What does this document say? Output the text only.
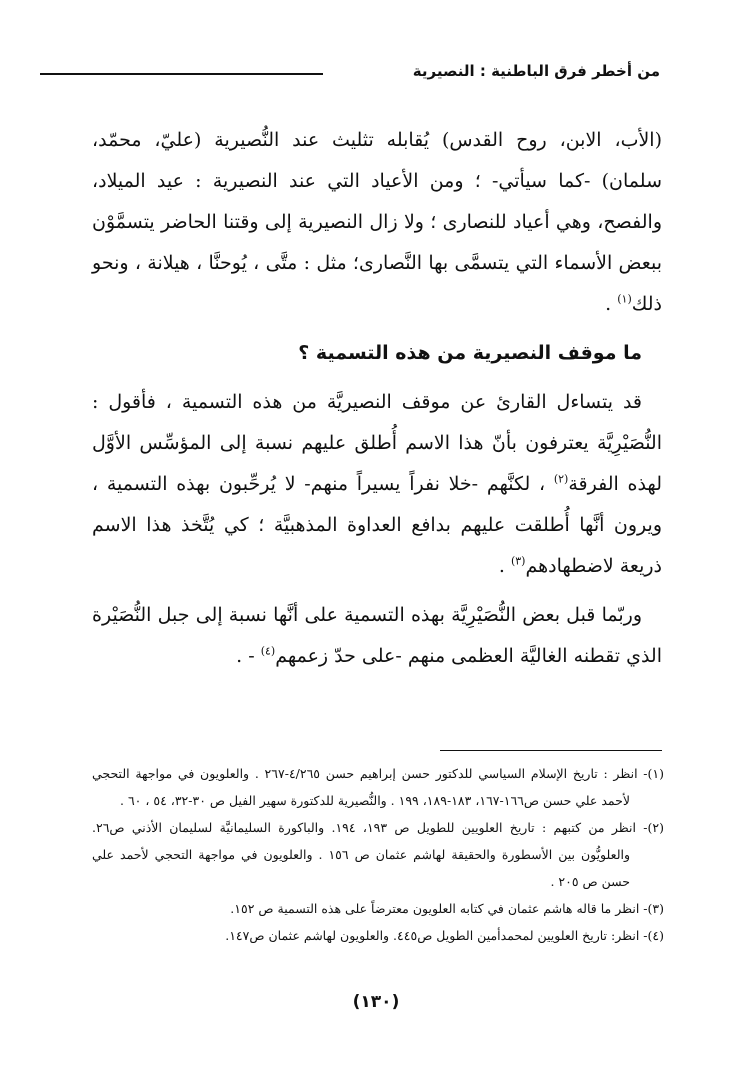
من أخطر فرق الباطنية : النصيرية

(الأب، الابن، روح القدس) يُقابله تثليث عند النُّصيرية (عليّ، محمّد، سلمان) -كما سيأتي- ؛ ومن الأعياد التي عند النصيرية : عيد الميلاد، والفصح، وهي أعياد للنصارى ؛ ولا زال النصيرية إلى وقتنا الحاضر يتسمَّوْن ببعض الأسماء التي يتسمَّى بها النَّصارى؛ مثل : متَّى ، يُوحنَّا ، هيلانة ، ونحو ذلك$^{(١)}$ .

ما موقف النصيرية من هذه التسمية ؟

قد يتساءل القارئ عن موقف النصيريَّة من هذه التسمية ، فأقول : النُّصَيْرِيَّة يعترفون بأنّ هذا الاسم أُطلق عليهم نسبة إلى المؤسِّس الأوَّل لهذه الفرقة$^{(٢)}$ ، لكنَّهم -خلا نفراً يسيراً منهم- لا يُرحِّبون بهذه التسمية ، ويرون أنَّها أُطلقت عليهم بدافع العداوة المذهبيَّة ؛ كي يُتَّخذ هذا الاسم ذريعة لاضطهادهم$^{(٣)}$ .

وربّما قبل بعض النُّصَيْرِيَّة بهذه التسمية على أنَّها نسبة إلى جبل النُّصَيْرة الذي تقطنه الغاليَّة العظمى منهم -على حدّ زعمهم$^{(٤)}$ - .

(١)- انظر : تاريخ الإسلام السياسي للدكتور حسن إبراهيم حسن ٤/٢٦٥-٢٦٧ . والعلويون في مواجهة التحجي لأحمد علي حسن ص١٦٦-١٦٧، ١٨٣-١٨٩، ١٩٩ . والنُّصيرية للدكتورة سهير الفيل ص ٣٠-٣٢، ٥٤ ، ٦٠ .

(٢)- انظر من كتبهم : تاريخ العلويين للطويل ص ١٩٣، ١٩٤. والباكورة السليمانيَّة لسليمان الأذني ص٢٦. والعلويُّون بين الأسطورة والحقيقة لهاشم عثمان ص ١٥٦ . والعلويون في مواجهة التحجي لأحمد علي حسن ص ٢٠٥ .

(٣)- انظر ما قاله هاشم عثمان في كتابه العلويون معترضاً على هذه التسمية ص ١٥٢.

(٤)- انظر: تاريخ العلويين لمحمدأمين الطويل ص٤٤٥. والعلويون لهاشم عثمان ص١٤٧.

(١٣٠)
